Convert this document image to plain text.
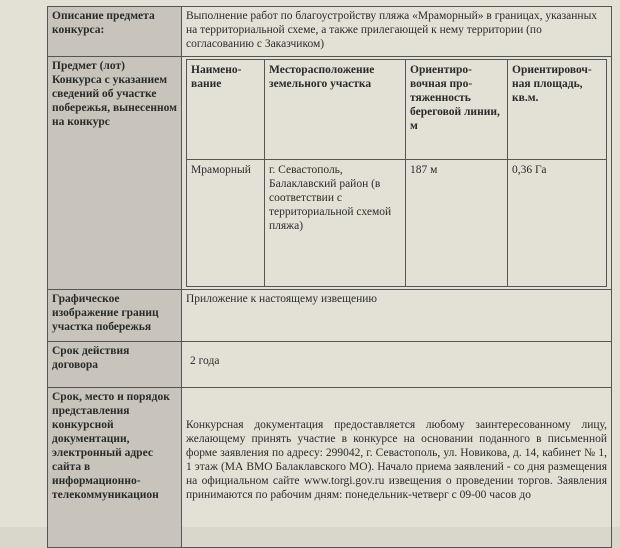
Описание предмета конкурса:	Выполнение работ по благоустройству пляжа «Мраморный» в границах, указанных на территориальной схеме, а также прилегающей к нему территории (по согласованию с Заказчиком)
Предмет (лот) Конкурса с указанием сведений об участке побережья, вынесенном на конкурс	
Наимено-вание	Месторасположение земельного участка	Ориентиро-вочная про-тяженность береговой линии, м	Ориентировоч-ная площадь, кв.м.
Мраморный	г. Севастополь, Балаклавский район (в соответствии с территориальной схемой пляжа)	187 м	0,36 Га

Графическое изображение границ участка побережья	Приложение к настоящему извещению
Срок действия договора	2 года
Срок, место и порядок представления конкурсной документации, электронный адрес сайта в информационно-телекоммуникацион	Конкурсная документация предоставляется любому заинтересованному лицу, желающему принять участие в конкурсе на основании поданного в письменной форме заявления по адресу: 299042, г. Севастополь, ул. Новикова, д. 14, кабинет № 1, 1 этаж (МА ВМО Балаклавского МО). Начало приема заявлений - со дня размещения на официальном сайте www.torgi.gov.ru извещения о проведении торгов. Заявления принимаются по рабочим дням: понедельник-четверг с 09-00 часов до
